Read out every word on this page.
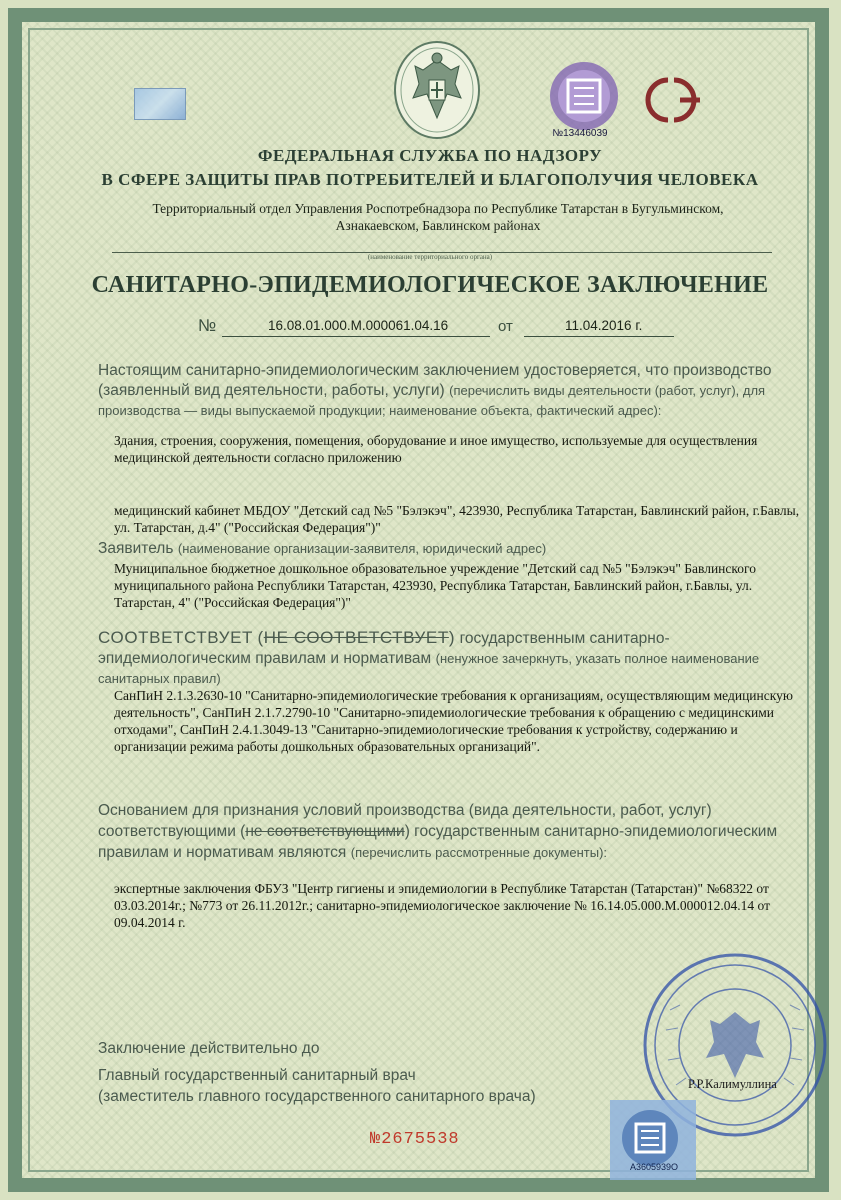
№13446039
ФЕДЕРАЛЬНАЯ СЛУЖБА ПО НАДЗОРУ
В СФЕРЕ ЗАЩИТЫ ПРАВ ПОТРЕБИТЕЛЕЙ И БЛАГОПОЛУЧИЯ ЧЕЛОВЕКА
Территориальный отдел Управления Роспотребнадзора по Республике Татарстан в Бугульминском,
Азнакаевском, Бавлинском районах
(наименование территориального органа)
САНИТАРНО-ЭПИДЕМИОЛОГИЧЕСКОЕ ЗАКЛЮЧЕНИЕ
№	16.08.01.000.М.000061.04.16	от	11.04.2016 г.
Настоящим санитарно-эпидемиологическим заключением удостоверяется, что производство (заявленный вид деятельности, работы, услуги) (перечислить виды деятельности (работ, услуг), для производства — виды выпускаемой продукции; наименование объекта, фактический адрес):
Здания, строения, сооружения, помещения, оборудование и иное имущество, используемые для осуществления медицинской деятельности согласно приложению
медицинский кабинет МБДОУ "Детский сад №5 "Бэлэкэч", 423930, Республика Татарстан, Бавлинский район, г.Бавлы, ул. Татарстан, д.4" ("Российская Федерация")"
Заявитель (наименование организации-заявителя, юридический адрес)
Муниципальное бюджетное дошкольное образовательное учреждение "Детский сад №5 "Бэлэкэч" Бавлинского муниципального района Республики Татарстан, 423930, Республика Татарстан, Бавлинский район, г.Бавлы, ул. Татарстан, 4" ("Российская Федерация")"
СООТВЕТСТВУЕТ (НЕ СООТВЕТСТВУЕТ) государственным санитарно-эпидемиологическим правилам и нормативам (ненужное зачеркнуть, указать полное наименование санитарных правил)
СанПиН 2.1.3.2630-10 "Санитарно-эпидемиологические требования к организациям, осуществляющим медицинскую деятельность", СанПиН 2.1.7.2790-10 "Санитарно-эпидемиологические требования к обращению с медицинскими отходами", СанПиН 2.4.1.3049-13 "Санитарно-эпидемиологические требования к устройству, содержанию и организации режима работы дошкольных образовательных организаций".
Основанием для признания условий производства (вида деятельности, работ, услуг) соответствующими (не соответствующими) государственным санитарно-эпидемиологическим правилам и нормативам являются (перечислить рассмотренные документы):
экспертные заключения ФБУЗ "Центр гигиены и эпидемиологии в Республике Татарстан (Татарстан)" №68322 от 03.03.2014г.; №773 от 26.11.2012г.; санитарно-эпидемиологическое заключение № 16.14.05.000.М.000012.04.14 от 09.04.2014 г.
Заключение действительно до
Главный государственный санитарный врач
(заместитель главного государственного санитарного врача)
Р.Р.Калимуллина
№2675538
А3605939О
